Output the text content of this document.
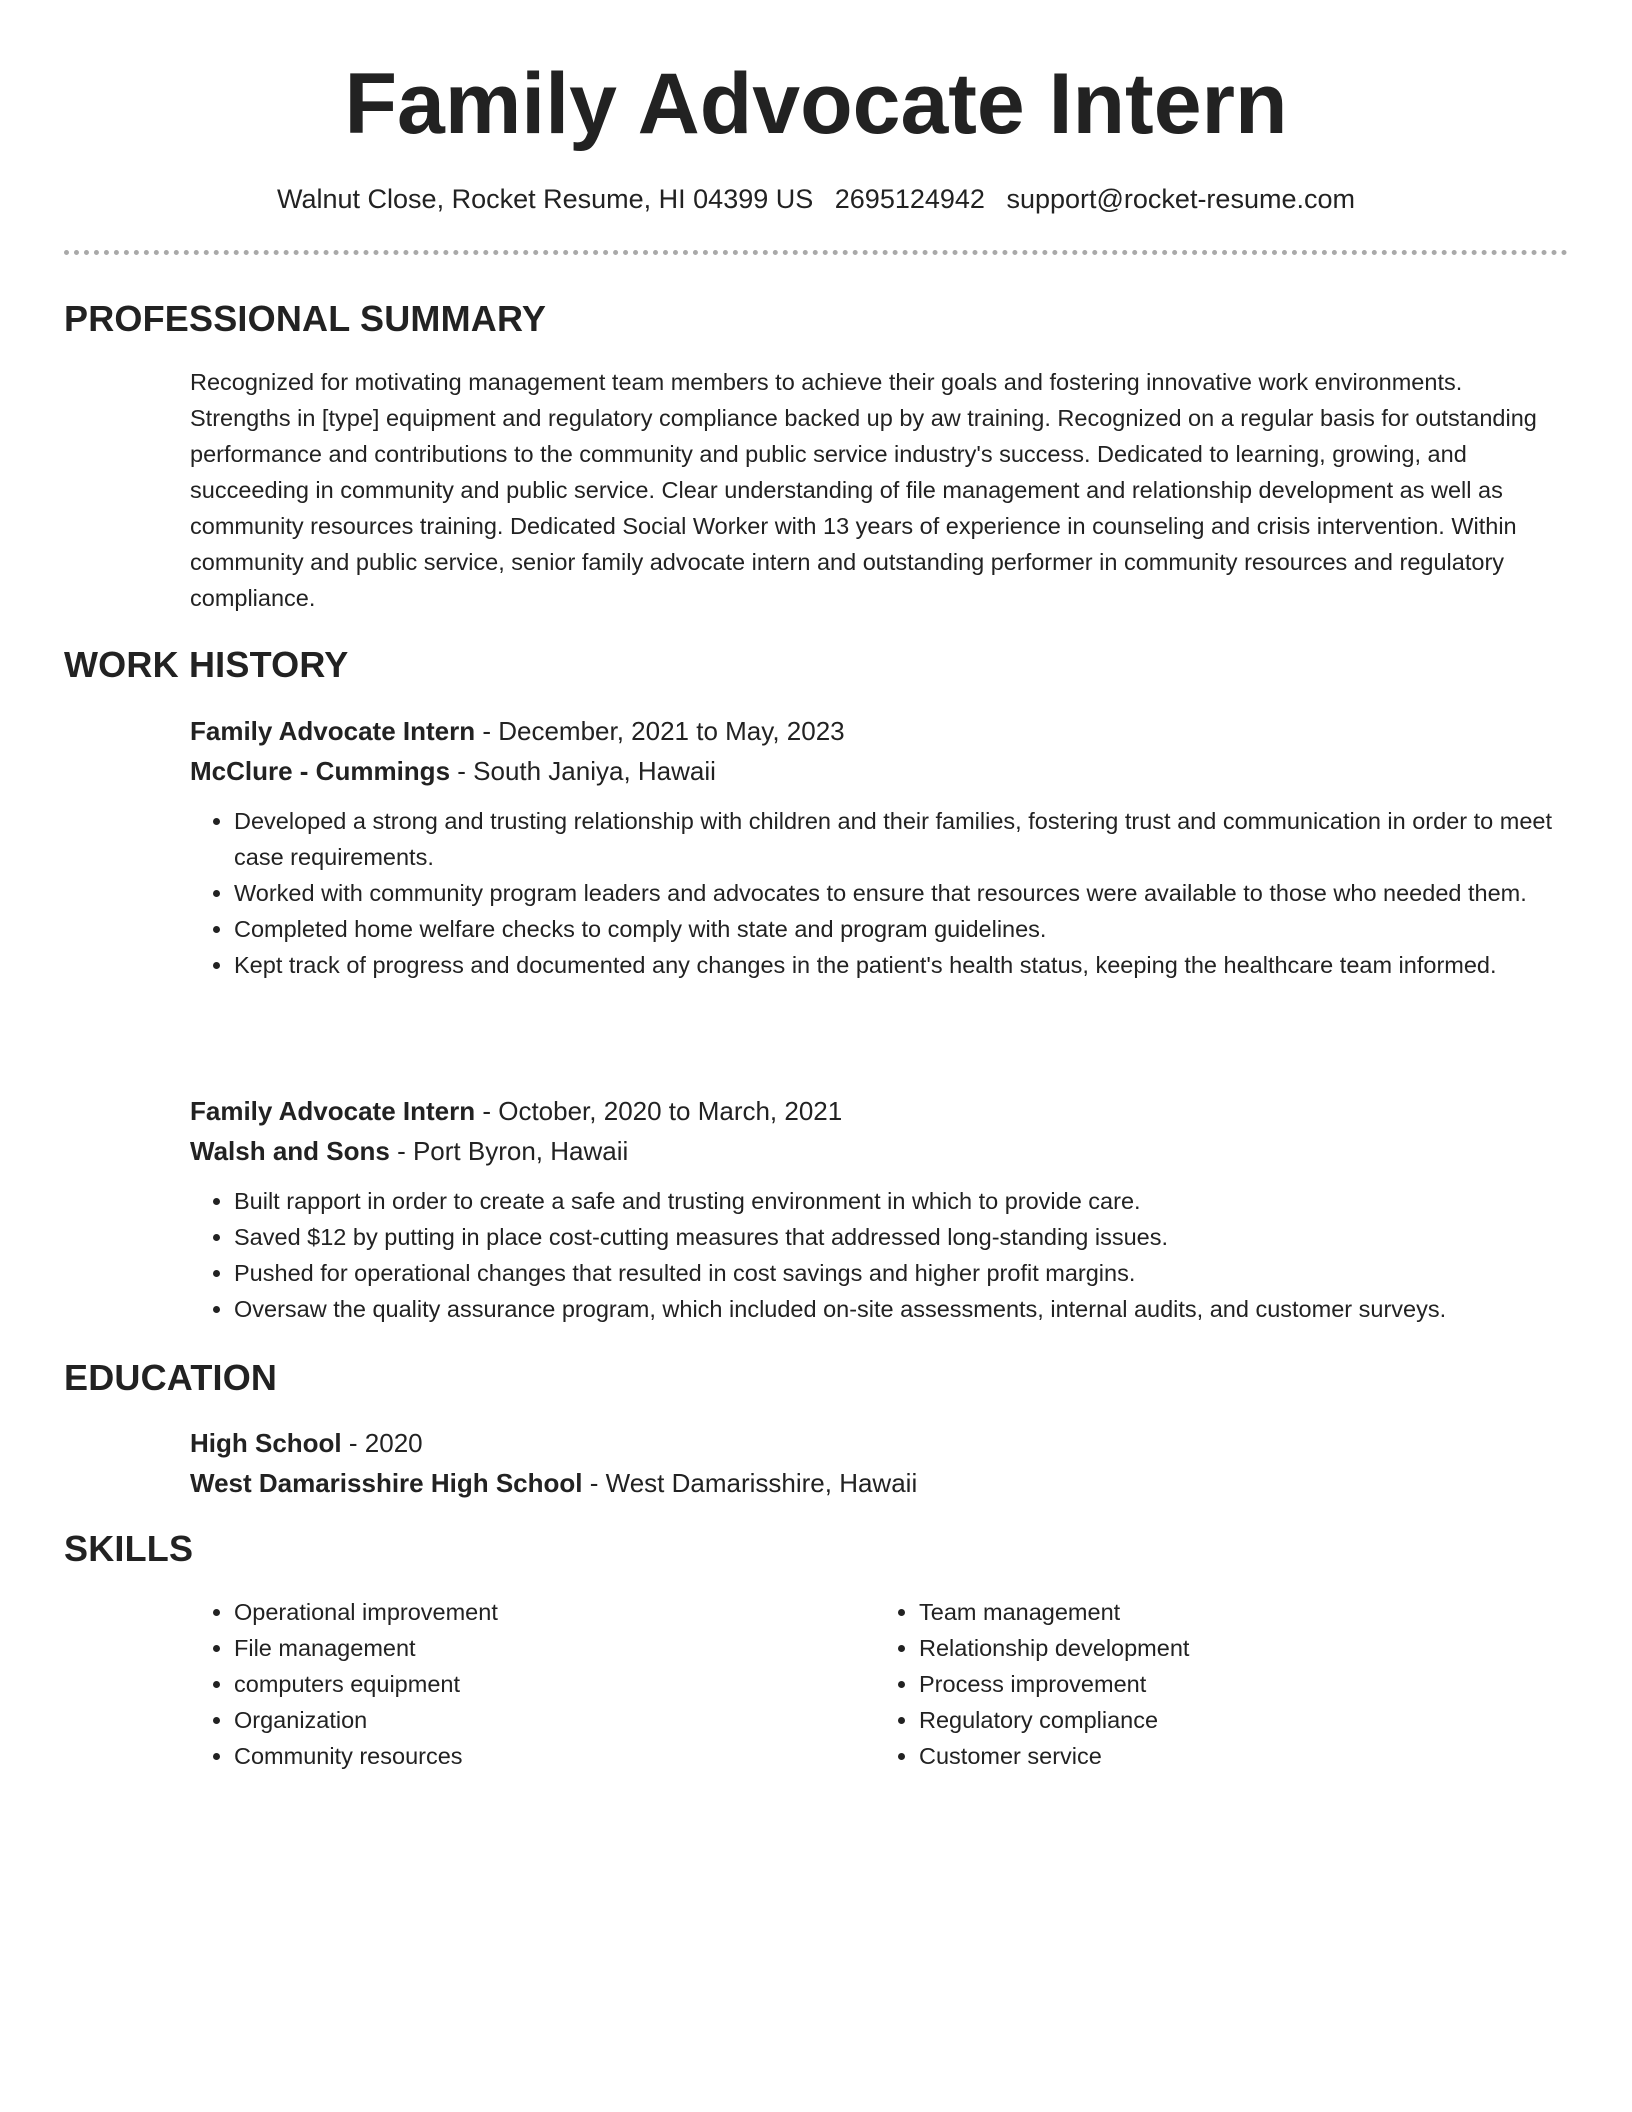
Family Advocate Intern
Walnut Close, Rocket Resume, HI 04399 US 2695124942 support@rocket-resume.com
PROFESSIONAL SUMMARY

Recognized for motivating management team members to achieve their goals and fostering innovative work environments. Strengths in [type] equipment and regulatory compliance backed up by aw training. Recognized on a regular basis for outstanding performance and contributions to the community and public service industry's success. Dedicated to learning, growing, and succeeding in community and public service. Clear understanding of file management and relationship development as well as community resources training. Dedicated Social Worker with 13 years of experience in counseling and crisis intervention. Within community and public service, senior family advocate intern and outstanding performer in community resources and regulatory compliance.

WORK HISTORY

Family Advocate Intern - December, 2021 to May, 2023

McClure - Cummings - South Janiya, Hawaii

• Developed a strong and trusting relationship with children and their families, fostering trust and communication in order to meet case requirements.
• Worked with community program leaders and advocates to ensure that resources were available to those who needed them.
• Completed home welfare checks to comply with state and program guidelines.
• Kept track of progress and documented any changes in the patient's health status, keeping the healthcare team informed.

Family Advocate Intern - October, 2020 to March, 2021

Walsh and Sons - Port Byron, Hawaii

• Built rapport in order to create a safe and trusting environment in which to provide care.
• Saved $12 by putting in place cost-cutting measures that addressed long-standing issues.
• Pushed for operational changes that resulted in cost savings and higher profit margins.
• Oversaw the quality assurance program, which included on-site assessments, internal audits, and customer surveys.
EDUCATION

High School - 2020

West Damarisshire High School - West Damarisshire, Hawaii

SKILLS
• Operational improvement
• File management
• computers equipment
• Organization
• Community resources
• Team management
• Relationship development
• Process improvement
• Regulatory compliance
• Customer service
